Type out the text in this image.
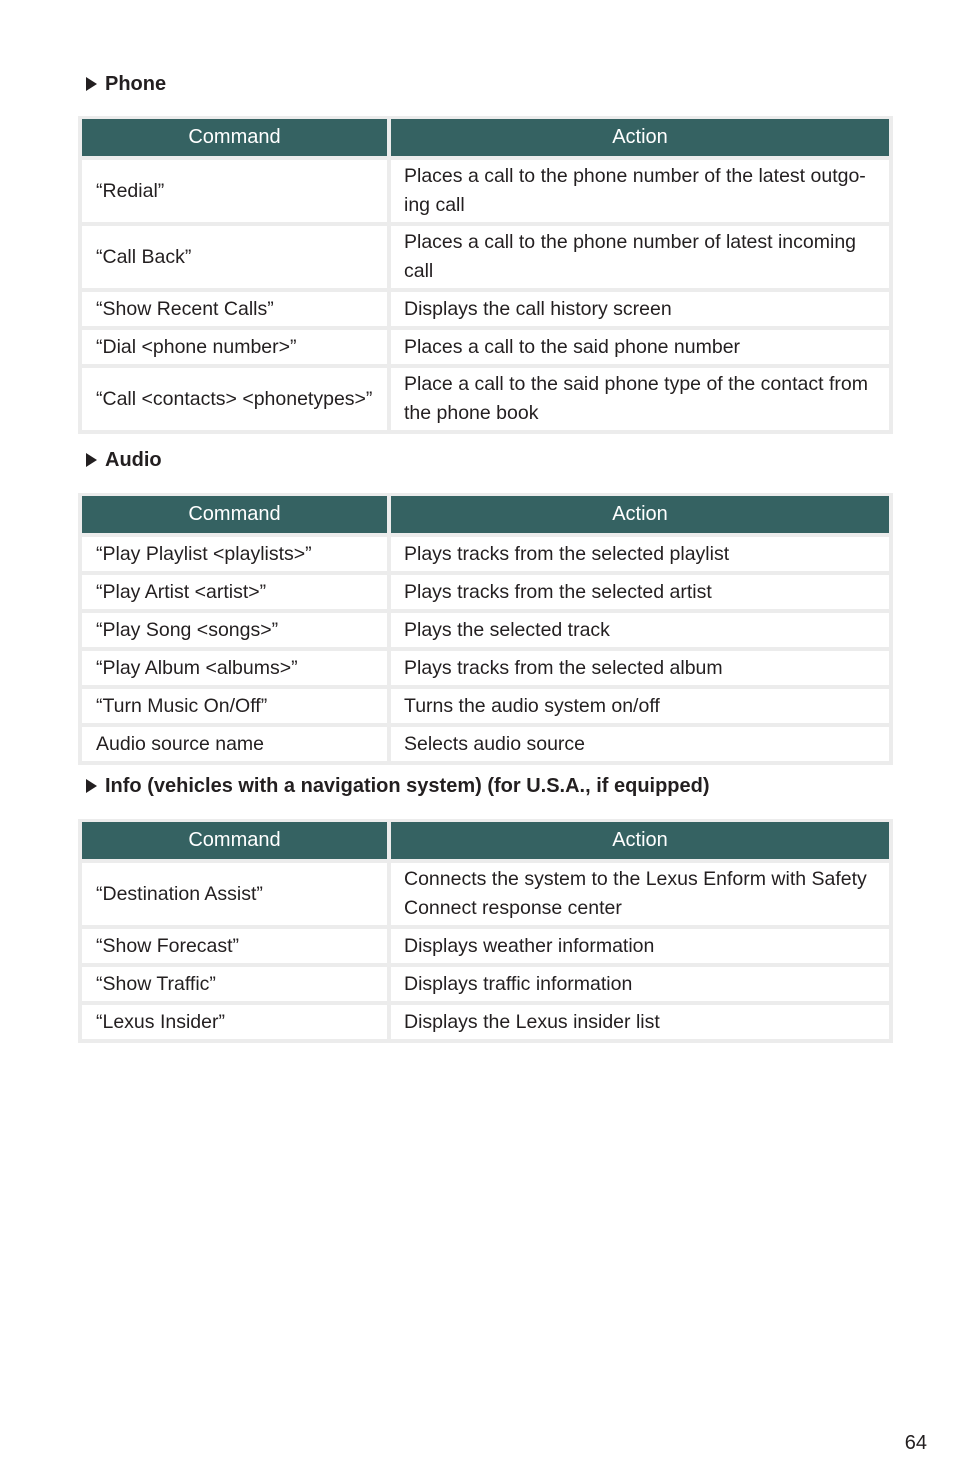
Phone
Command	Action
“Redial”	Places a call to the phone number of the latest outgo-ing call
“Call Back”	Places a call to the phone number of latest incoming call
“Show Recent Calls”	Displays the call history screen
“Dial <phone number>”	Places a call to the said phone number
“Call <contacts> <phonetypes>”	Place a call to the said phone type of the contact from the phone book
Audio
Command	Action
“Play Playlist <playlists>”	Plays tracks from the selected playlist
“Play Artist <artist>”	Plays tracks from the selected artist
“Play Song <songs>”	Plays the selected track
“Play Album <albums>”	Plays tracks from the selected album
“Turn Music On/Off”	Turns the audio system on/off
Audio source name	Selects audio source
Info (vehicles with a navigation system) (for U.S.A., if equipped)
Command	Action
“Destination Assist”	Connects the system to the Lexus Enform with Safety Connect response center
“Show Forecast”	Displays weather information
“Show Traffic”	Displays traffic information
“Lexus Insider”	Displays the Lexus insider list
64
